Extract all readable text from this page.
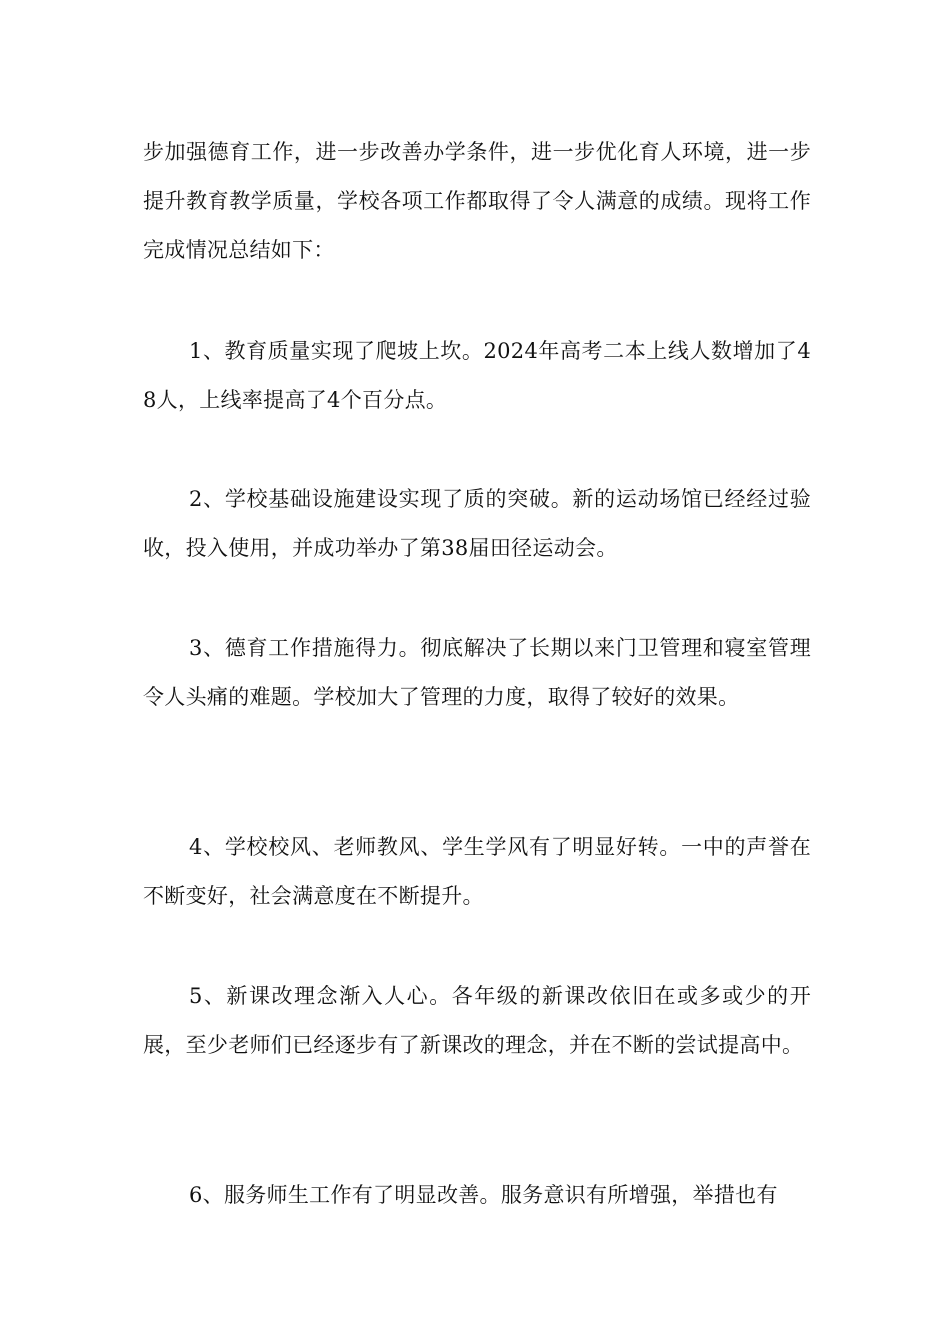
步加强德育工作，进一步改善办学条件，进一步优化育人环境，进一步提升教育教学质量，学校各项工作都取得了令人满意的成绩。现将工作完成情况总结如下：

1、教育质量实现了爬坡上坎。2024年高考二本上线人数增加了48人，上线率提高了4个百分点。

2、学校基础设施建设实现了质的突破。新的运动场馆已经经过验收，投入使用，并成功举办了第38届田径运动会。

3、德育工作措施得力。彻底解决了长期以来门卫管理和寝室管理令人头痛的难题。学校加大了管理的力度，取得了较好的效果。

4、学校校风、老师教风、学生学风有了明显好转。一中的声誉在不断变好，社会满意度在不断提升。

5、新课改理念渐入人心。各年级的新课改依旧在或多或少的开展，至少老师们已经逐步有了新课改的理念，并在不断的尝试提高中。

6、服务师生工作有了明显改善。服务意识有所增强，举措也有
